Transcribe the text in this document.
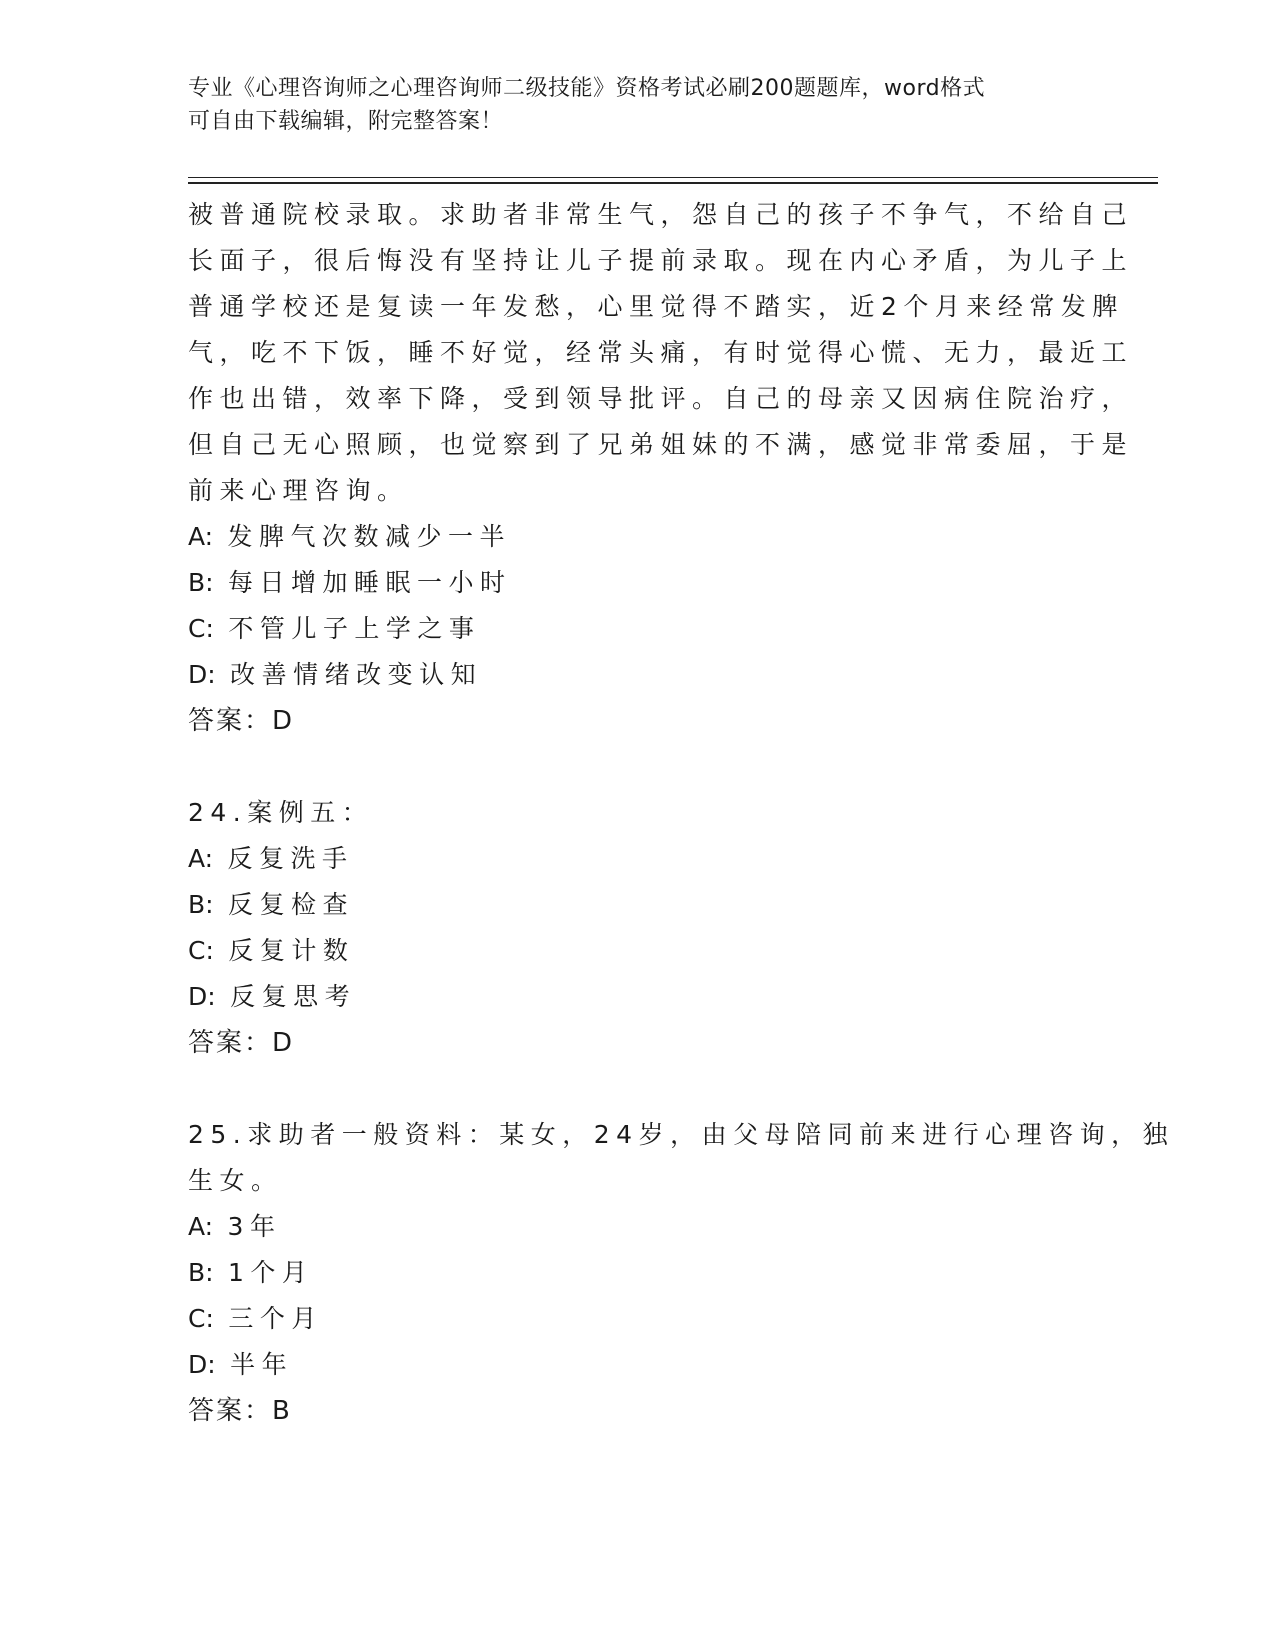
专业《心理咨询师之心理咨询师二级技能》资格考试必刷200题题库，word格式
可自由下载编辑，附完整答案！

被普通院校录取。求助者非常生气，怨自己的孩子不争气，不给自己
长面子，很后悔没有坚持让儿子提前录取。现在内心矛盾，为儿子上
普通学校还是复读一年发愁，心里觉得不踏实，近2个月来经常发脾
气，吃不下饭，睡不好觉，经常头痛，有时觉得心慌、无力，最近工
作也出错，效率下降，受到领导批评。自己的母亲又因病住院治疗，
但自己无心照顾，也觉察到了兄弟姐妹的不满，感觉非常委屈，于是
前来心理咨询。

A: 发脾气次数减少一半

B: 每日增加睡眠一小时

C: 不管儿子上学之事

D: 改善情绪改变认知

答案：D

24.案例五：

A: 反复洗手

B: 反复检查

C: 反复计数

D: 反复思考

答案：D

25.求助者一般资料：某女，24岁，由父母陪同前来进行心理咨询，独
生女。

A: 3年

B: 1个月

C: 三个月

D: 半年

答案：B
